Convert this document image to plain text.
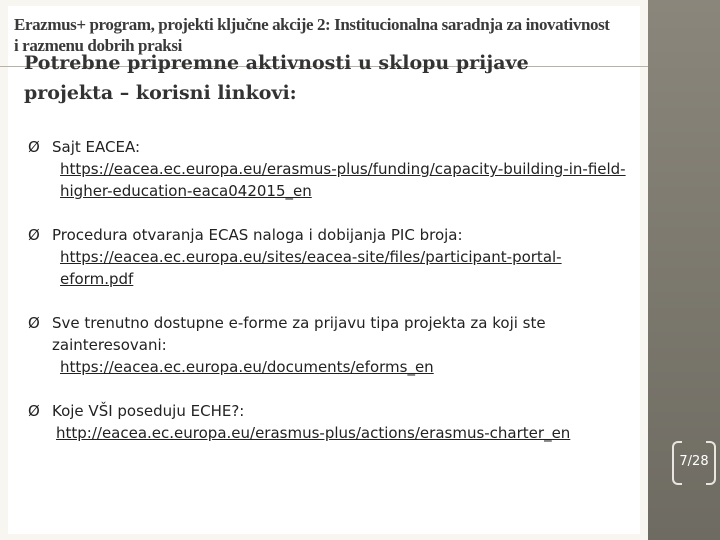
Erazmus+ program, projekti ključne akcije 2: Institucionalna saradnja za inovativnost i razmenu dobrih praksi
Potrebne pripremne aktivnosti u sklopu prijave projekta – korisni linkovi:
Ø Sajt EACEA:
https://eacea.ec.europa.eu/erasmus-plus/funding/capacity-building-in-field-higher-education-eaca042015_en
Ø Procedura otvaranja ECAS naloga i dobijanja PIC broja:
https://eacea.ec.europa.eu/sites/eacea-site/files/participant-portal-eform.pdf
Ø Sve trenutno dostupne e-forme za prijavu tipa projekta za koji ste zainteresovani:
https://eacea.ec.europa.eu/documents/eforms_en
Ø Koje VŠI poseduju ECHE?:
http://eacea.ec.europa.eu/erasmus-plus/actions/erasmus-charter_en
7/28
